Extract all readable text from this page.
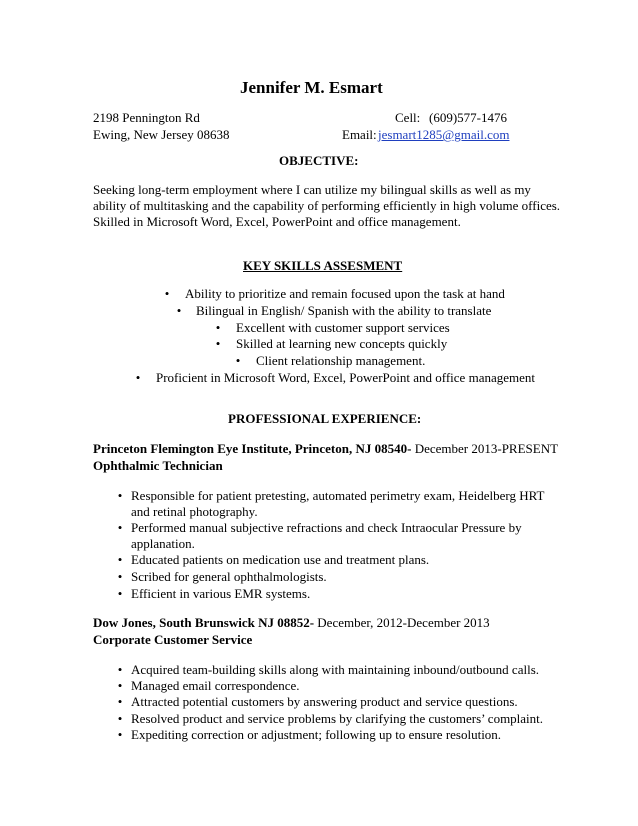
Jennifer M. Esmart
2198 Pennington Rd
Ewing, New Jersey 08638
Cell: (609)577-1476
Email: jesmart1285@gmail.com
OBJECTIVE:
Seeking long-term employment where I can utilize my bilingual skills as well as my
ability of multitasking and the capability of performing efficiently in high volume offices.
Skilled in Microsoft Word, Excel, PowerPoint and office management.
KEY SKILLS ASSESMENT
• Ability to prioritize and remain focused upon the task at hand
• Bilingual in English/ Spanish with the ability to translate
• Excellent with customer support services
• Skilled at learning new concepts quickly
• Client relationship management.
• Proficient in Microsoft Word, Excel, PowerPoint and office management
PROFESSIONAL EXPERIENCE:
Princeton Flemington Eye Institute, Princeton, NJ 08540- December 2013-PRESENT
Ophthalmic Technician
• Responsible for patient pretesting, automated perimetry exam, Heidelberg HRT
and retinal photography.
• Performed manual subjective refractions and check Intraocular Pressure by
applanation.
• Educated patients on medication use and treatment plans.
• Scribed for general ophthalmologists.
• Efficient in various EMR systems.
Dow Jones, South Brunswick NJ 08852- December, 2012-December 2013
Corporate Customer Service
• Acquired team-building skills along with maintaining inbound/outbound calls.
• Managed email correspondence.
• Attracted potential customers by answering product and service questions.
• Resolved product and service problems by clarifying the customers’ complaint.
• Expediting correction or adjustment; following up to ensure resolution.
